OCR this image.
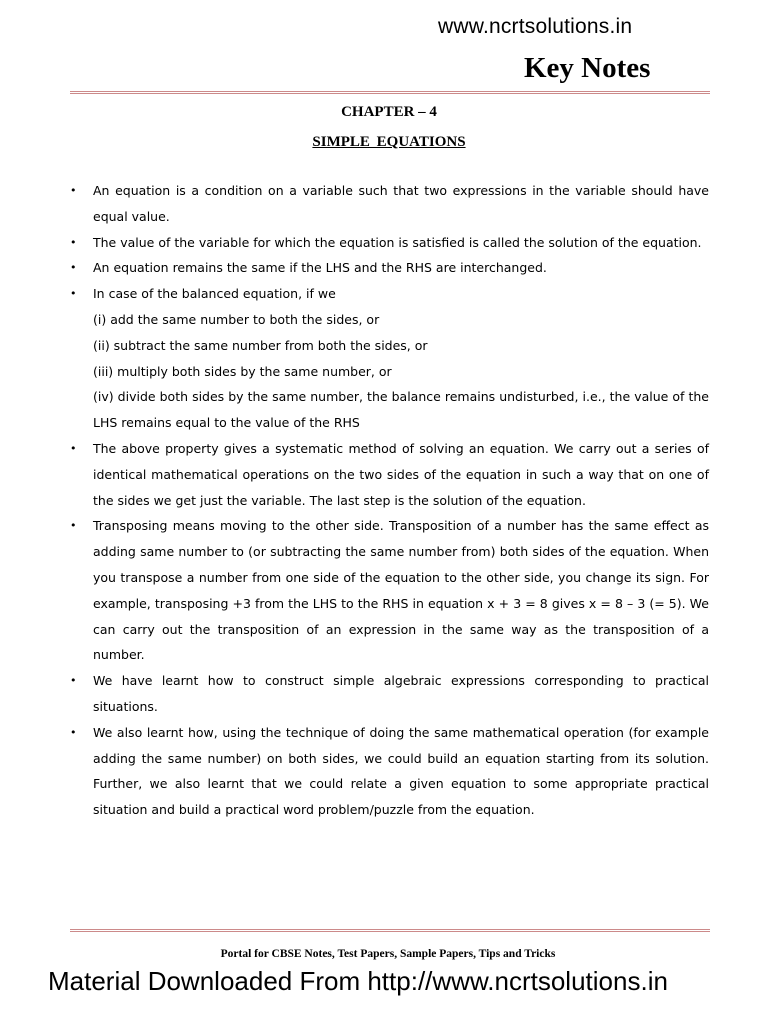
www.ncrtsolutions.in
Key Notes
CHAPTER – 4
SIMPLE EQUATIONS
• An equation is a condition on a variable such that two expressions in the variable should have equal value.
• The value of the variable for which the equation is satisfied is called the solution of the equation.
• An equation remains the same if the LHS and the RHS are interchanged.
• In case of the balanced equation, if we
(i) add the same number to both the sides, or
(ii) subtract the same number from both the sides, or
(iii) multiply both sides by the same number, or
(iv) divide both sides by the same number, the balance remains undisturbed, i.e., the value of the LHS remains equal to the value of the RHS
• The above property gives a systematic method of solving an equation. We carry out a series of identical mathematical operations on the two sides of the equation in such a way that on one of the sides we get just the variable. The last step is the solution of the equation.
• Transposing means moving to the other side. Transposition of a number has the same effect as adding same number to (or subtracting the same number from) both sides of the equation. When you transpose a number from one side of the equation to the other side, you change its sign. For example, transposing +3 from the LHS to the RHS in equation x + 3 = 8 gives x = 8 – 3 (= 5). We can carry out the transposition of an expression in the same way as the transposition of a number.
• We have learnt how to construct simple algebraic expressions corresponding to practical situations.
• We also learnt how, using the technique of doing the same mathematical operation (for example adding the same number) on both sides, we could build an equation starting from its solution. Further, we also learnt that we could relate a given equation to some appropriate practical situation and build a practical word problem/puzzle from the equation.
Portal for CBSE Notes, Test Papers, Sample Papers, Tips and Tricks
Material Downloaded From http://www.ncrtsolutions.in
